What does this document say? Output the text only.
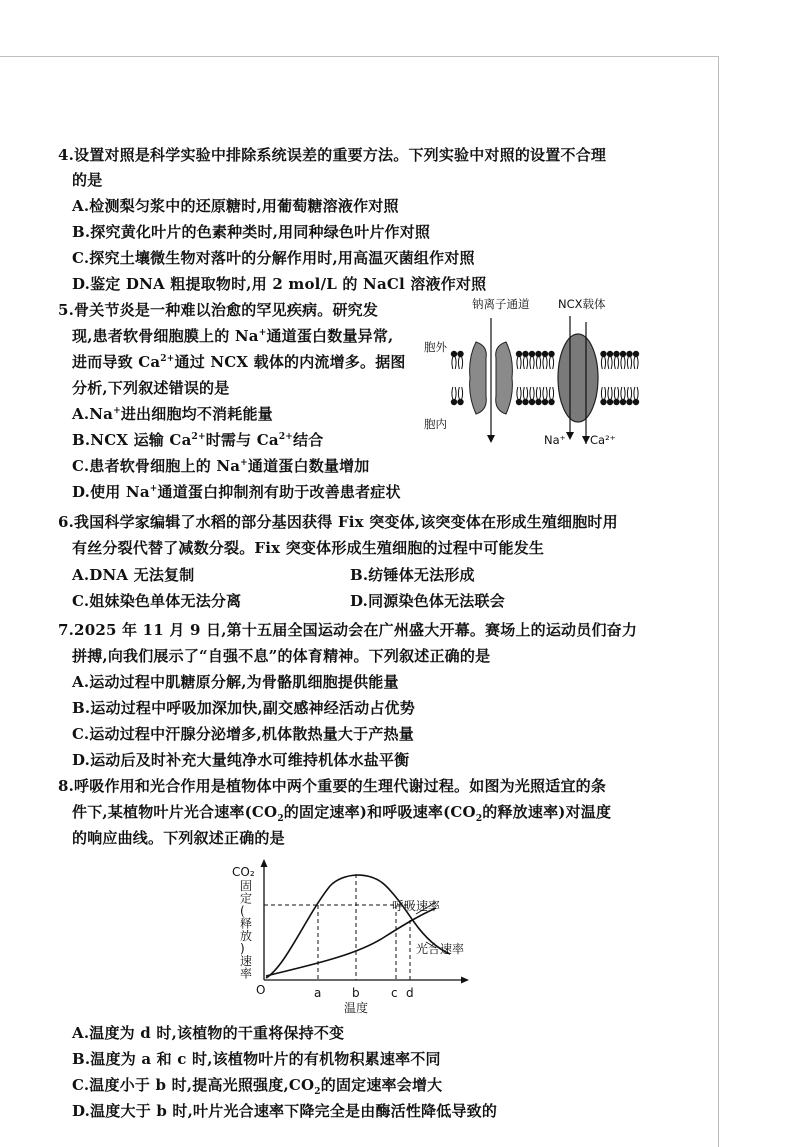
4.设置对照是科学实验中排除系统误差的重要方法。下列实验中对照的设置不合理
的是
A.检测梨匀浆中的还原糖时,用葡萄糖溶液作对照
B.探究黄化叶片的色素种类时,用同种绿色叶片作对照
C.探究土壤微生物对落叶的分解作用时,用高温灭菌组作对照
D.鉴定 DNA 粗提取物时,用 2 mol/L 的 NaCl 溶液作对照
5.骨关节炎是一种难以治愈的罕见疾病。研究发
现,患者软骨细胞膜上的 Na+通道蛋白数量异常,
进而导致 $Ca^{2+}$通过 NCX 载体的内流增多。据图
分析,下列叙述错误的是
A.Na+进出细胞均不消耗能量
B.NCX 运输 $Ca^{2+}$时需与 $Ca^{2+}$结合
C.患者软骨细胞上的 Na+通道蛋白数量增加
D.使用 Na+通道蛋白抑制剂有助于改善患者症状
钠离子通道 NCX载体
胞外
胞内
Na⁺ Ca²⁺
6.我国科学家编辑了水稻的部分基因获得 Fix 突变体,该突变体在形成生殖细胞时用
有丝分裂代替了减数分裂。Fix 突变体形成生殖细胞的过程中可能发生
A.DNA 无法复制	B.纺锤体无法形成
C.姐妹染色单体无法分离	D.同源染色体无法联会
7.2025 年 11 月 9 日,第十五届全国运动会在广州盛大开幕。赛场上的运动员们奋力
拼搏,向我们展示了“自强不息”的体育精神。下列叙述正确的是
A.运动过程中肌糖原分解,为骨骼肌细胞提供能量
B.运动过程中呼吸加深加快,副交感神经活动占优势
C.运动过程中汗腺分泌增多,机体散热量大于产热量
D.运动后及时补充大量纯净水可维持机体水盐平衡
8.呼吸作用和光合作用是植物体中两个重要的生理代谢过程。如图为光照适宜的条
件下,某植物叶片光合速率($CO_2$的固定速率)和呼吸速率($CO_2$的释放速率)对温度
的响应曲线。下列叙述正确的是
CO₂
固
定
(
释
放
)
速
率
O
呼吸速率
光合速率
a	b	c d
温度
A.温度为 d 时,该植物的干重将保持不变
B.温度为 a 和 c 时,该植物叶片的有机物积累速率不同
C.温度小于 b 时,提高光照强度$,CO_2$的固定速率会增大
D.温度大于 b 时,叶片光合速率下降完全是由酶活性降低导致的
